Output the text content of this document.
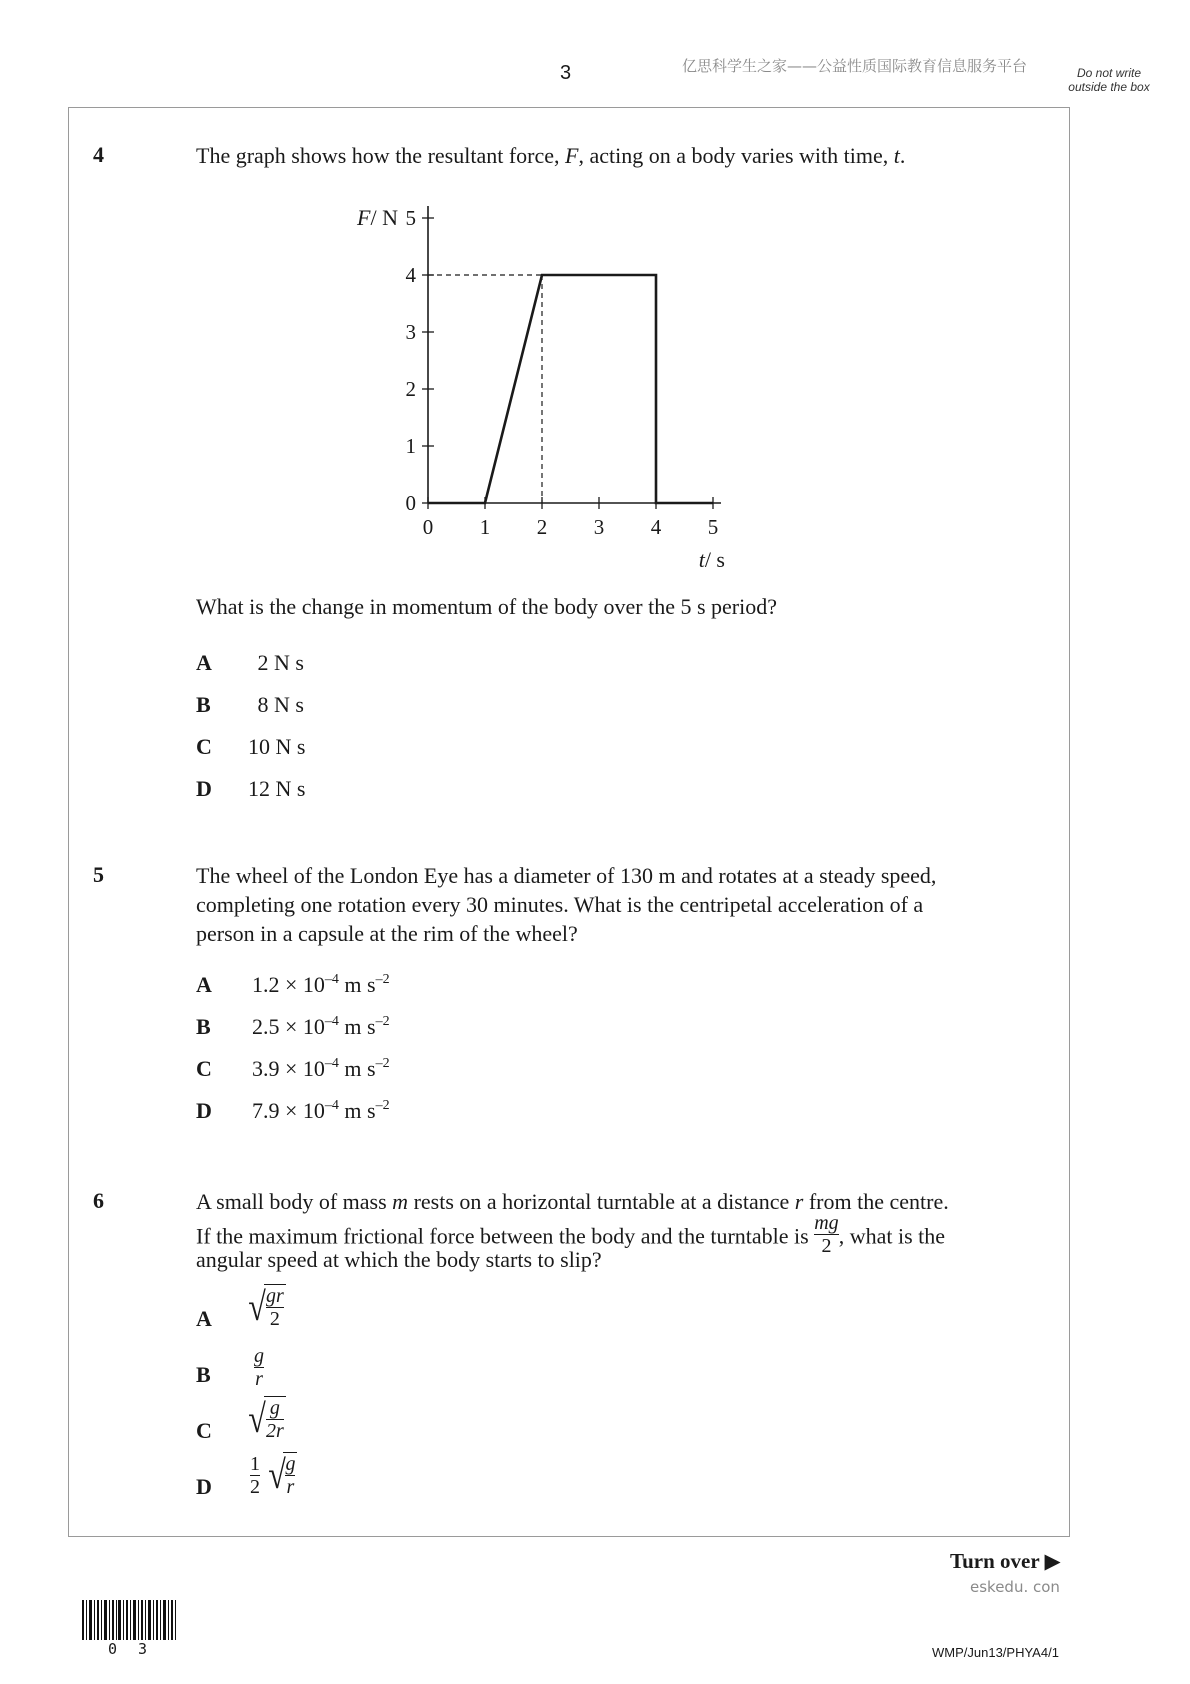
3	亿思科学生之家——公益性质国际教育信息服务平台	Do not write outside the box
4	The graph shows how the resultant force, F, acting on a body varies with time, t.
0
1
2
3
4
5
0 1 2 3 4 5
F/ N
t/ s
What is the change in momentum of the body over the 5 s period?
A	2 N s
B	8 N s
C 10 N s
D 12 N s
5	The wheel of the London Eye has a diameter of 130 m and rotates at a steady speed,
completing one rotation every 30 minutes. What is the centripetal acceleration of a
person in a capsule at the rim of the wheel?
A $1.2 \times 10^{-4}$ m $s^{-2}$
B $2.5 \times 10^{-4}$ m $s^{-2}$
C $3.9 \times 10^{-4}$ m $s^{-2}$
D $7.9 \times 10^{-4}$ m $s^{-2}$
6	A small body of mass m rests on a horizontal turntable at a distance r from the centre.
If the maximum frictional force between the body and the turntable is $\frac{mg}{2}$ , what is the
angular speed at which the body starts to slip?
A √ $\frac{gr}{2}$
B $\frac{g}{r}$
C √ $\frac{g}{2r}$
D $\frac{1}{2}$ √ $\frac{g}{r}$
Turn over ▶
eskedu. con
0 3	WMP/Jun13/PHYA4/1
